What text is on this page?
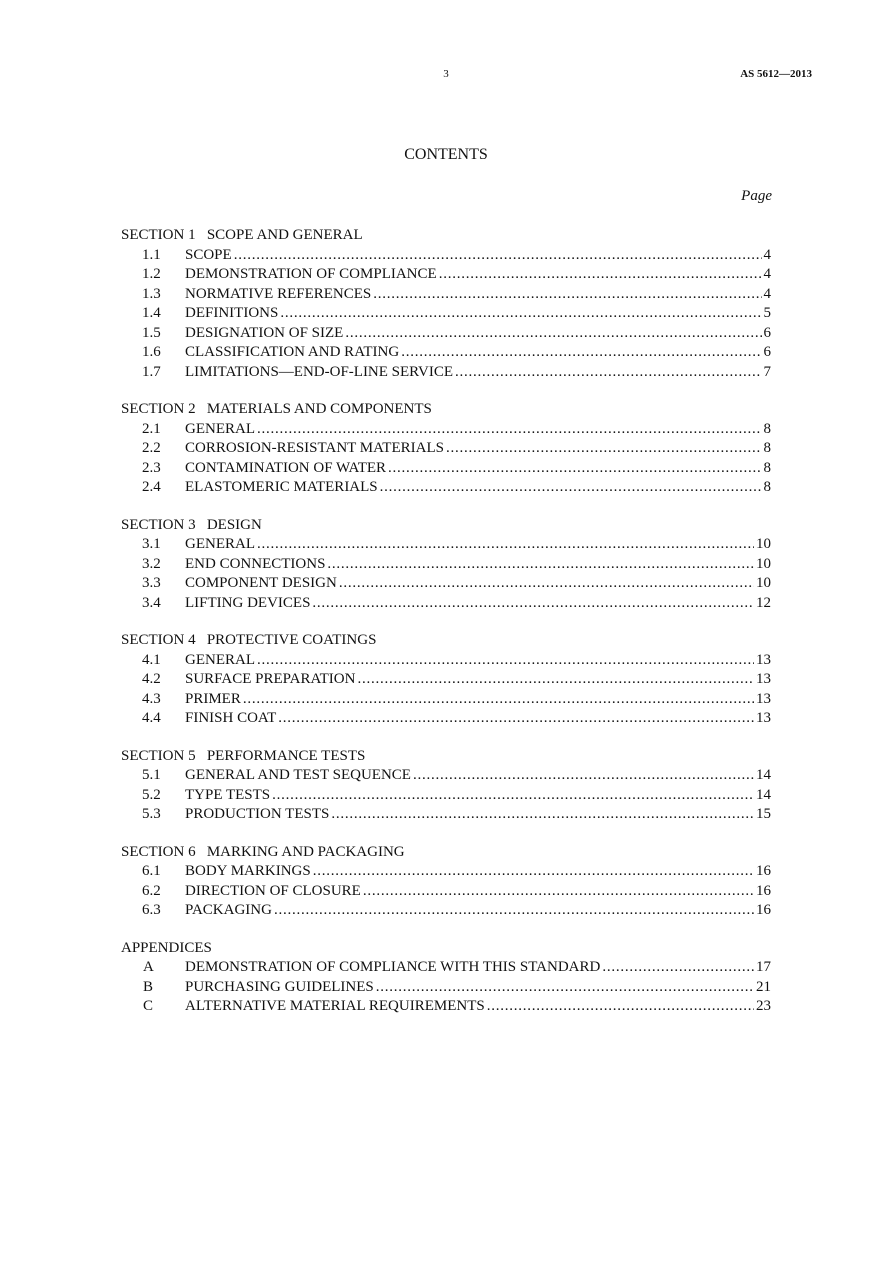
3	AS 5612—2013
CONTENTS
Page
SECTION 1   SCOPE AND GENERAL
1.1	SCOPE . . .	4
1.2	DEMONSTRATION OF COMPLIANCE . . .	4
1.3	NORMATIVE REFERENCES . . .	4
1.4	DEFINITIONS . . .	5
1.5	DESIGNATION OF SIZE . . .	6
1.6	CLASSIFICATION AND RATING . . .	6
1.7	LIMITATIONS—END-OF-LINE SERVICE . . .	7
SECTION 2   MATERIALS AND COMPONENTS
2.1	GENERAL . . .	8
2.2	CORROSION-RESISTANT MATERIALS . . .	8
2.3	CONTAMINATION OF WATER . . .	8
2.4	ELASTOMERIC MATERIALS . . .	8
SECTION 3   DESIGN
3.1	GENERAL . . .	10
3.2	END CONNECTIONS . . .	10
3.3	COMPONENT DESIGN . . .	10
3.4	LIFTING DEVICES . . .	12
SECTION 4   PROTECTIVE COATINGS
4.1	GENERAL . . .	13
4.2	SURFACE PREPARATION . . .	13
4.3	PRIMER . . .	13
4.4	FINISH COAT . . .	13
SECTION 5   PERFORMANCE TESTS
5.1	GENERAL AND TEST SEQUENCE . . .	14
5.2	TYPE TESTS . . .	14
5.3	PRODUCTION TESTS . . .	15
SECTION 6   MARKING AND PACKAGING
6.1	BODY MARKINGS . . .	16
6.2	DIRECTION OF CLOSURE . . .	16
6.3	PACKAGING . . .	16
APPENDICES
A	DEMONSTRATION OF COMPLIANCE WITH THIS STANDARD . . .	17
B	PURCHASING GUIDELINES . . .	21
C	ALTERNATIVE MATERIAL REQUIREMENTS . . .	23
